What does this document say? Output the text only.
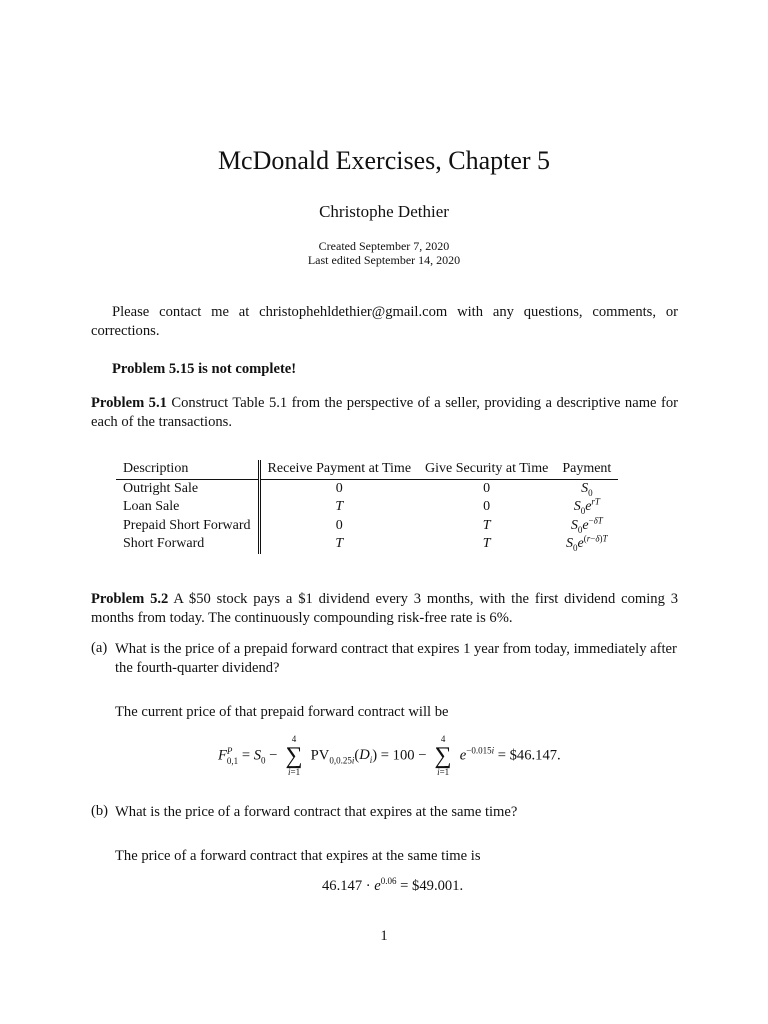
McDonald Exercises, Chapter 5
Christophe Dethier
Created September 7, 2020
Last edited September 14, 2020
Please contact me at christophehldethier@gmail.com with any questions, comments, or corrections.
Problem 5.15 is not complete!
Problem 5.1 Construct Table 5.1 from the perspective of a seller, providing a descriptive name for each of the transactions.
Description	Receive Payment at Time	Give Security at Time	Payment
Outright Sale	0	0	$S_0$
Loan Sale	T	0	$S_0e^{rT}$
Prepaid Short Forward	0	T	$S_0e^{-\delta T}$
Short Forward	T	T	$S_0e^{(r-\delta)T}$
Problem 5.2 A $50 stock pays a $1 dividend every 3 months, with the first dividend coming 3 months from today. The continuously compounding risk-free rate is 6%.
(a) What is the price of a prepaid forward contract that expires 1 year from today, immediately after the fourth-quarter dividend?
The current price of that prepaid forward contract will be
FP
$0,1 = S_0$ −
4
∑
i=1
$PV_{0,0.25i}(D_i) = 100$ −
4
∑
i=1
$e^{-0.015i}$ = $46.147.
(b) What is the price of a forward contract that expires at the same time?
The price of a forward contract that expires at the same time is
$46.147 \cdot e^{0.06}$ = $49.001.
1
